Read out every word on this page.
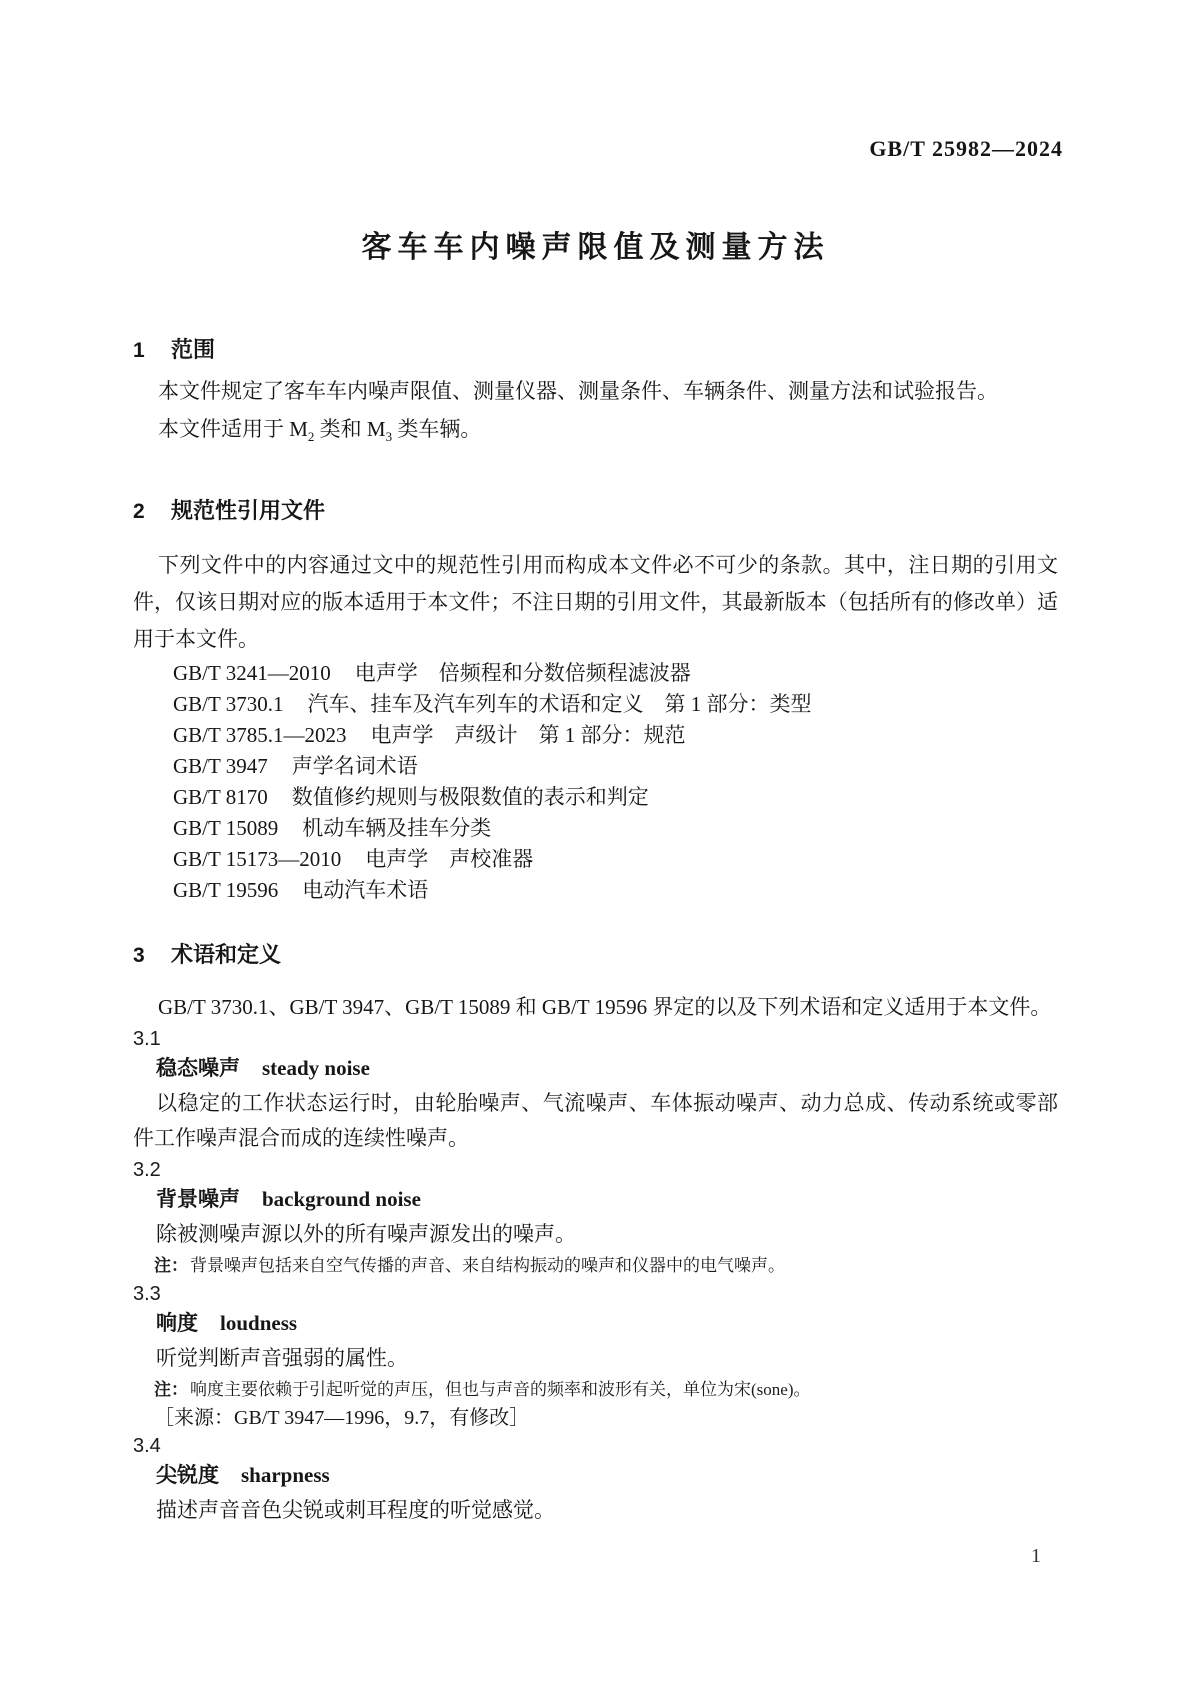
GB/T 25982—2024
客车车内噪声限值及测量方法
1 范围

本文件规定了客车车内噪声限值、测量仪器、测量条件、车辆条件、测量方法和试验报告。

本文件适用于 $M_2$ 类和 $M_3$ 类车辆。

2 规范性引用文件

下列文件中的内容通过文中的规范性引用而构成本文件必不可少的条款。其中，注日期的引用文件，仅该日期对应的版本适用于本文件；不注日期的引用文件，其最新版本（包括所有的修改单）适用于本文件。

GB/T 3241—2010 电声学　倍频程和分数倍频程滤波器
GB/T 3730.1 汽车、挂车及汽车列车的术语和定义　第 1 部分：类型
GB/T 3785.1—2023 电声学　声级计　第 1 部分：规范
GB/T 3947 声学名词术语
GB/T 8170 数值修约规则与极限数值的表示和判定
GB/T 15089 机动车辆及挂车分类
GB/T 15173—2010 电声学　声校准器
GB/T 19596 电动汽车术语
3 术语和定义

GB/T 3730.1、GB/T 3947、GB/T 15089 和 GB/T 19596 界定的以及下列术语和定义适用于本文件。

3.1

稳态噪声 steady noise

以稳定的工作状态运行时，由轮胎噪声、气流噪声、车体振动噪声、动力总成、传动系统或零部件工作噪声混合而成的连续性噪声。

3.2

背景噪声 background noise

除被测噪声源以外的所有噪声源发出的噪声。

注： 背景噪声包括来自空气传播的声音、来自结构振动的噪声和仪器中的电气噪声。

3.3

响度 loudness

听觉判断声音强弱的属性。

注： 响度主要依赖于引起听觉的声压，但也与声音的频率和波形有关，单位为宋(sone)。

［来源：GB/T 3947—1996，9.7，有修改］

3.4

尖锐度 sharpness

描述声音音色尖锐或刺耳程度的听觉感觉。

1
